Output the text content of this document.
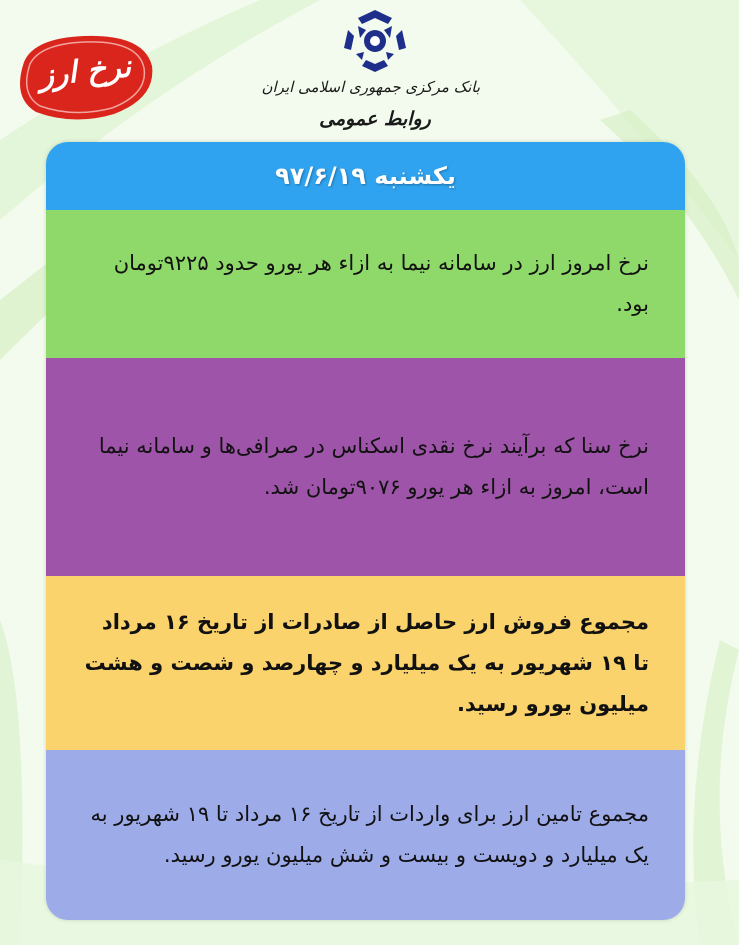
نرخ ارز	بانک مرکزی جمهوری اسلامی ایران
روابط عمومی
یکشنبه ۹۷/۶/۱۹

نرخ امروز ارز در سامانه نیما به ازاء هر یورو حدود ۹۲۲۵تومان بود.

نرخ سنا که برآیند نرخ نقدی اسکناس در صرافی‌ها و سامانه نیما است، امروز به ازاء هر یورو ۹۰۷۶تومان شد.

مجموع فروش ارز حاصل از صادرات از تاریخ ۱۶ مرداد تا ۱۹ شهریور به یک میلیارد و چهارصد و شصت و هشت میلیون یورو رسید.

مجموع تامین ارز برای واردات از تاریخ ۱۶ مرداد تا ۱۹ شهریور به یک میلیارد و دویست و بیست و شش میلیون یورو رسید.
